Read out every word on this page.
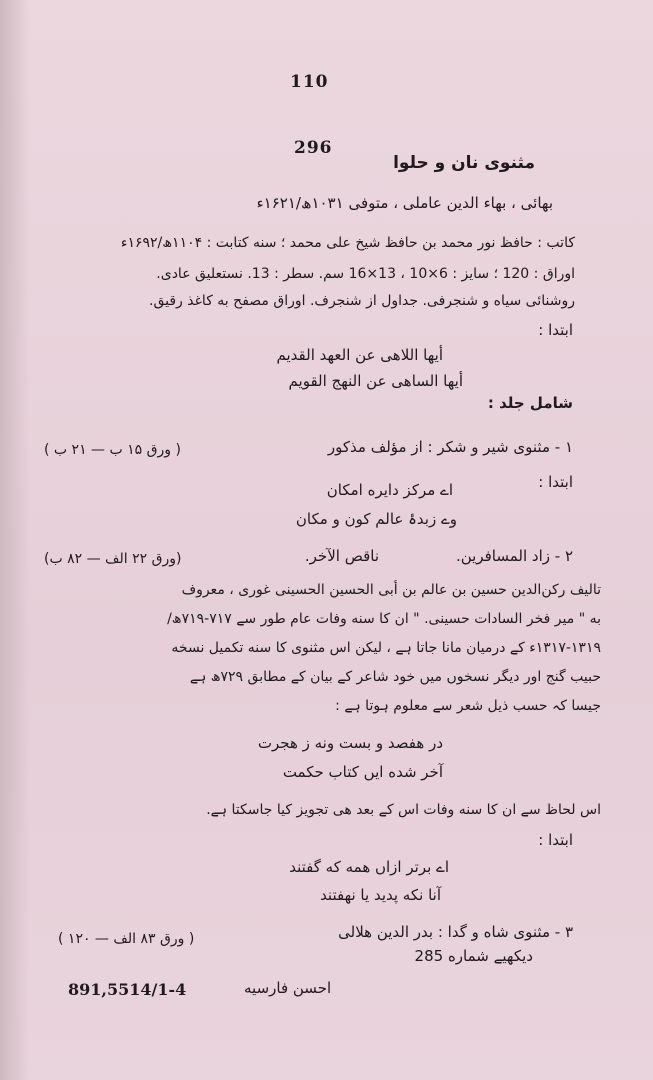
110
296
مثنوی نان و حلوا
بهائی ، بهاء الدین عاملی ، متوفی ۱۰۳۱ھ/۱۶۲۱ء
کاتب : حافظ نور محمد بن حافظ شیخ علی محمد ؛ سنه کتابت : ۱۱۰۴ھ/۱۶۹۲ء
اوراق : 120 ؛ سایز : 6×10 ، 13×16 سم. سطر : 13. نستعلیق عادی.
روشنائی سیاه و شنجرفی. جداول از شنجرف. اوراق مصفح به کاغذ رقیق.
ابتدا :
أیها اللاهی عن العهد القدیم
أیها الساهی عن النهج القویم
شامل جلد :
۱ - مثنوی شیر و شکر : از مؤلف مذکور
( ورق ۱۵ ب — ۲۱ ب )
ابتدا :
اے مرکز دایره امکان
وے زبدۂ عالم کون و مکان
۲ - زاد المسافرین.
ناقص الآخر.
(ورق ۲۲ الف — ۸۲ ب)
تالیف رکن‌الدین حسین بن عالم بن أبی الحسین الحسینی غوری ، معروف
به " میر فخر السادات حسینی. " ان کا سنه وفات عام طور سے ۷۱۷-۷۱۹ھ/
۱۳۱۷-۱۳۱۹ء کے درمیان مانا جاتا ہے ، لیکن اس مثنوی کا سنه تکمیل نسخه
حبیب گنج اور دیگر نسخوں میں خود شاعر کے بیان کے مطابق ۷۲۹ھ ہے
جیسا کہ حسب ذیل شعر سے معلوم ہوتا ہے :
در هفصد و بست ونه ز هجرت
آخر شده ایں کتاب حکمت
اس لحاظ سے ان کا سنه وفات اس کے بعد ھی تجویز کیا جاسکتا ہے.
ابتدا :
اے برتر ازاں همه که گفتند
آنا نکه پدید یا نهفتند
۳ - مثنوی شاه و گدا : بدر الدین هلالی
( ورق ۸۳ الف — ۱۲۰ )
دیکھیے شماره 285
احسن فارسیه
891,5514/1-4
